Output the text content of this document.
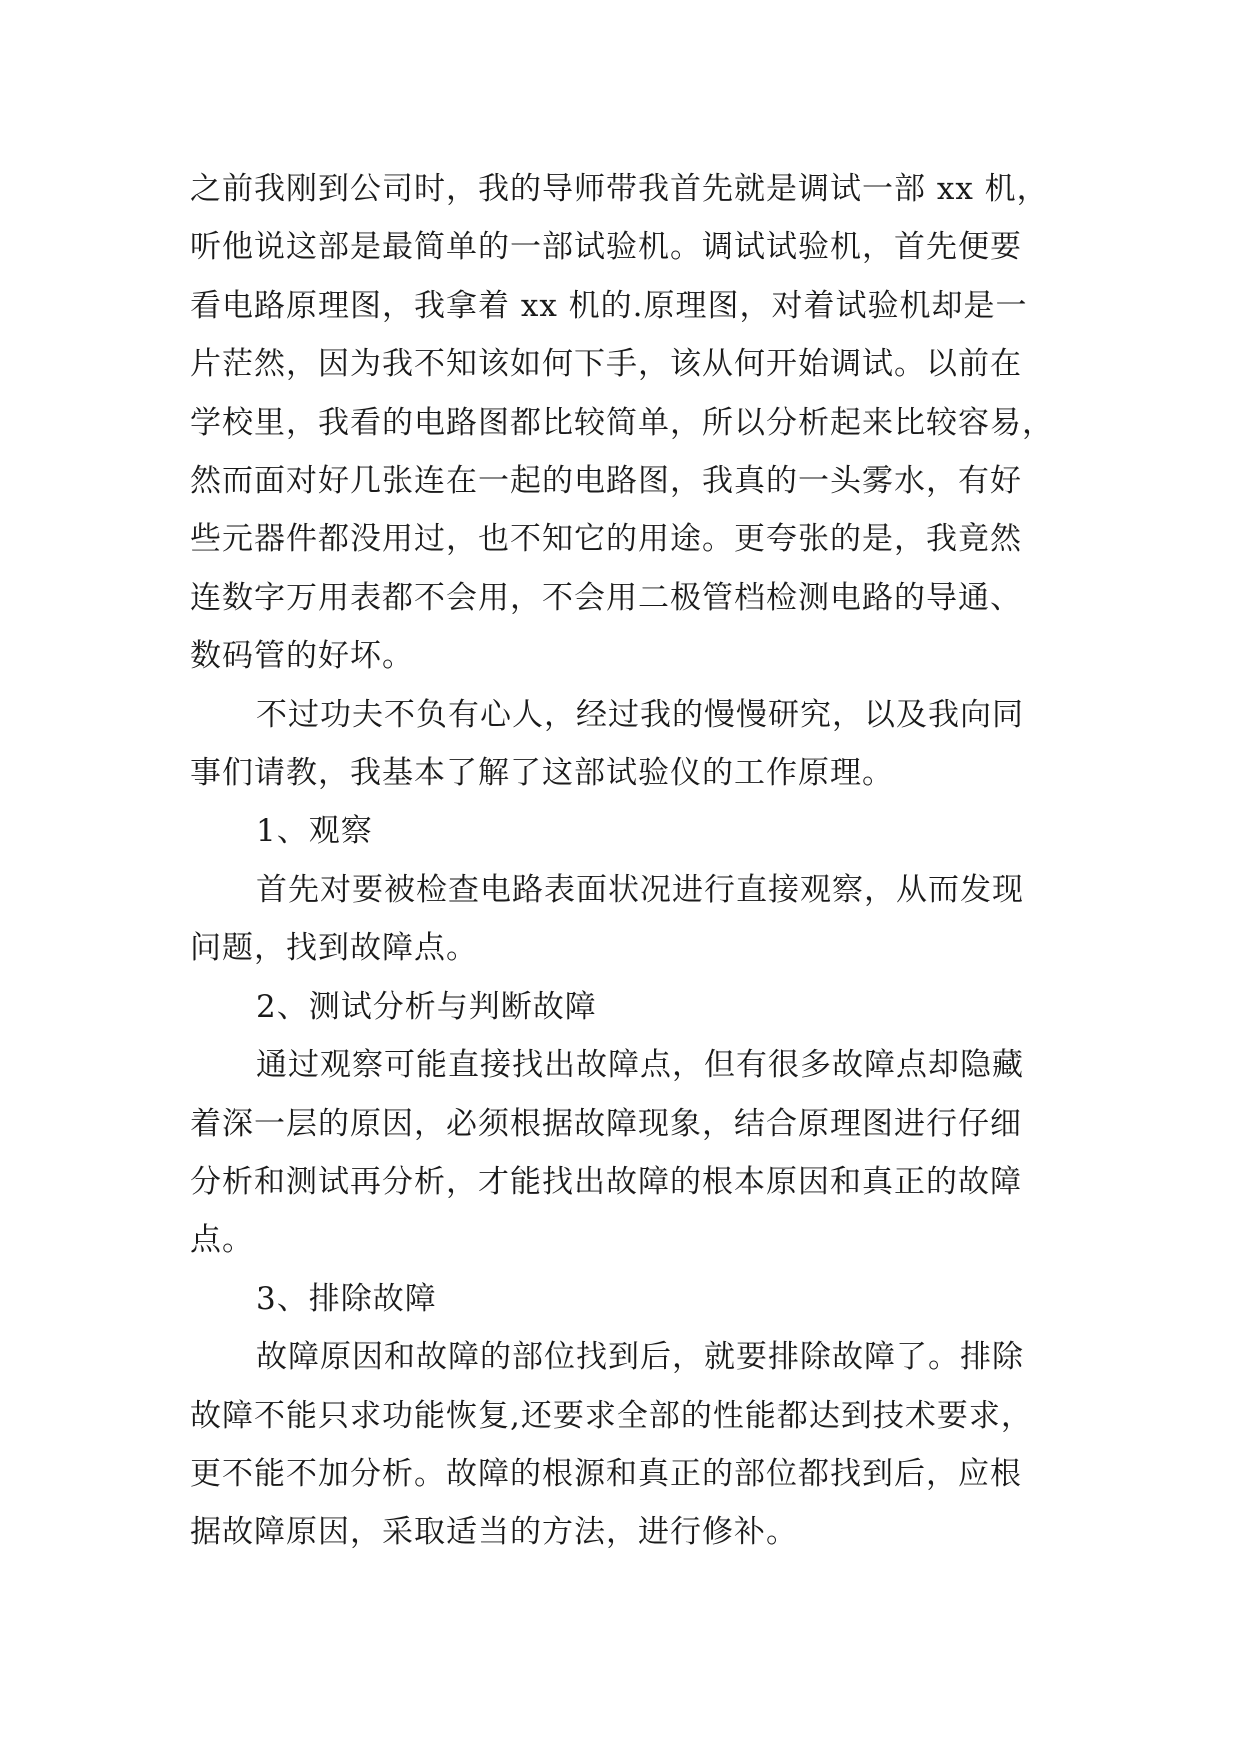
之前我刚到公司时，我的导师带我首先就是调试一部 xx 机，

听他说这部是最简单的一部试验机。调试试验机，首先便要

看电路原理图，我拿着 xx 机的.原理图，对着试验机却是一

片茫然，因为我不知该如何下手，该从何开始调试。以前在

学校里，我看的电路图都比较简单，所以分析起来比较容易，

然而面对好几张连在一起的电路图，我真的一头雾水，有好

些元器件都没用过，也不知它的用途。更夸张的是，我竟然

连数字万用表都不会用，不会用二极管档检测电路的导通、

数码管的好坏。

不过功夫不负有心人，经过我的慢慢研究，以及我向同

事们请教，我基本了解了这部试验仪的工作原理。

1、观察

首先对要被检查电路表面状况进行直接观察，从而发现

问题，找到故障点。

2、测试分析与判断故障

通过观察可能直接找出故障点，但有很多故障点却隐藏

着深一层的原因，必须根据故障现象，结合原理图进行仔细

分析和测试再分析，才能找出故障的根本原因和真正的故障

点。

3、排除故障

故障原因和故障的部位找到后，就要排除故障了。排除

故障不能只求功能恢复,还要求全部的性能都达到技术要求，

更不能不加分析。故障的根源和真正的部位都找到后，应根

据故障原因，采取适当的方法，进行修补。
